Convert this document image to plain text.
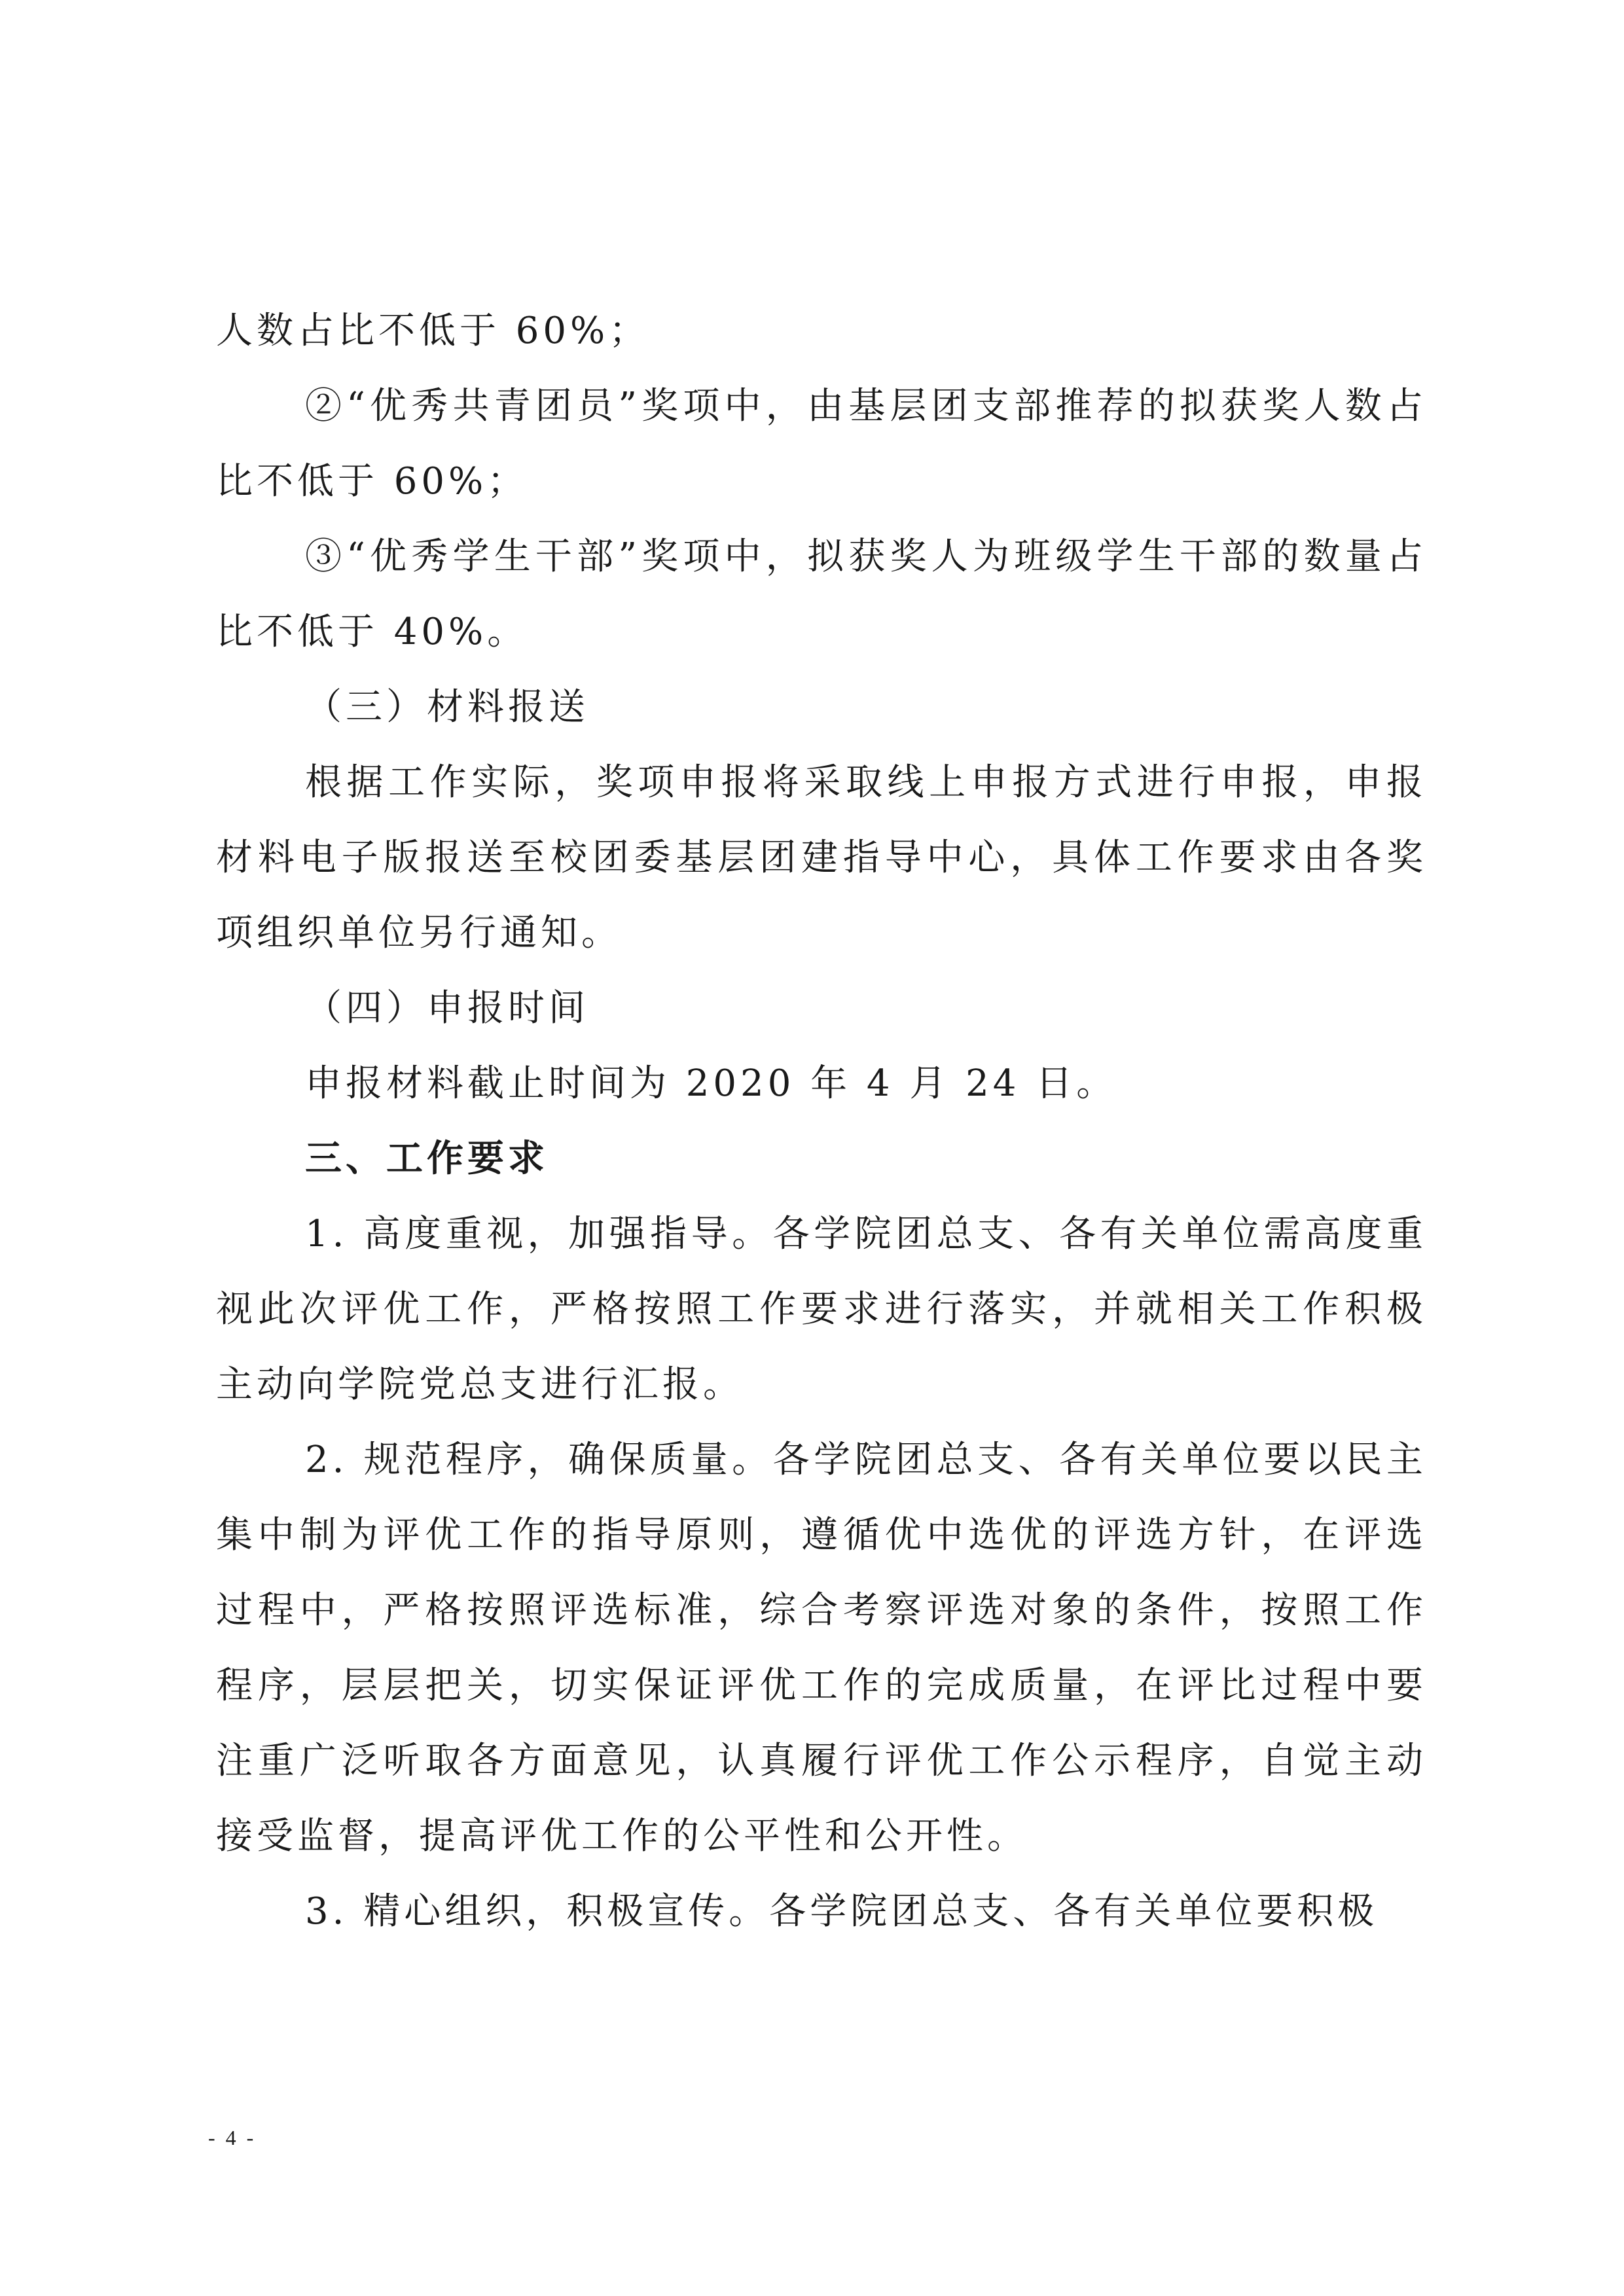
人数占比不低于 60%；

②“优秀共青团员”奖项中，由基层团支部推荐的拟获奖人数占比不低于 60%；

③“优秀学生干部”奖项中，拟获奖人为班级学生干部的数量占比不低于 40%。

（三）材料报送

根据工作实际，奖项申报将采取线上申报方式进行申报，申报材料电子版报送至校团委基层团建指导中心，具体工作要求由各奖项组织单位另行通知。

（四）申报时间

申报材料截止时间为 2020 年 4 月 24 日。

三、工作要求

1. 高度重视，加强指导。各学院团总支、各有关单位需高度重视此次评优工作，严格按照工作要求进行落实，并就相关工作积极主动向学院党总支进行汇报。

2. 规范程序，确保质量。各学院团总支、各有关单位要以民主集中制为评优工作的指导原则，遵循优中选优的评选方针，在评选过程中，严格按照评选标准，综合考察评选对象的条件，按照工作程序，层层把关，切实保证评优工作的完成质量，在评比过程中要注重广泛听取各方面意见，认真履行评优工作公示程序，自觉主动接受监督，提高评优工作的公平性和公开性。

3. 精心组织，积极宣传。各学院团总支、各有关单位要积极

- 4 -
